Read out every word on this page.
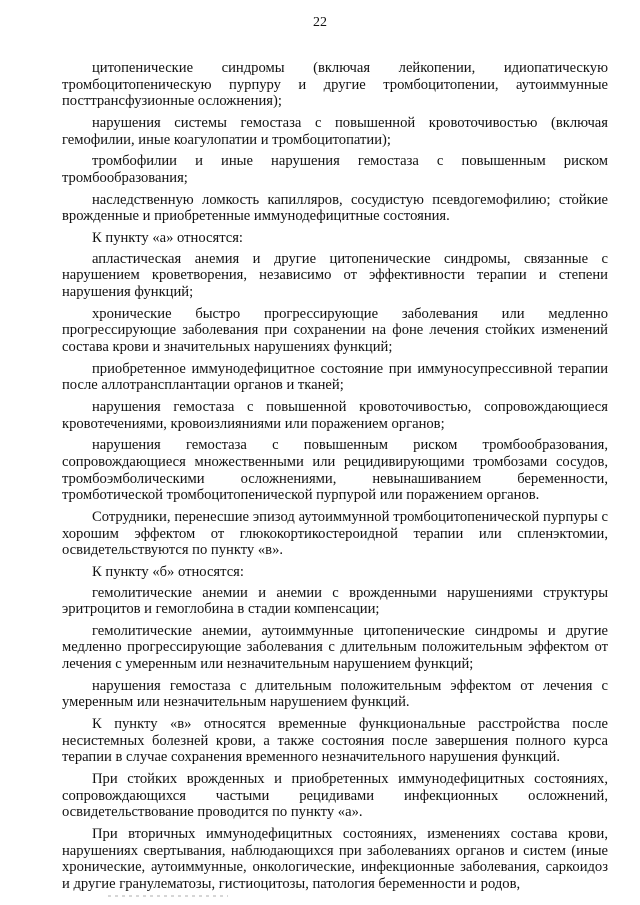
22

цитопенические синдромы (включая лейкопении, идиопатическую тромбоцитопеническую пурпуру и другие тромбоцитопении, аутоиммунные посттрансфузионные осложнения);

нарушения системы гемостаза с повышенной кровоточивостью (включая гемофилии, иные коагулопатии и тромбоцитопатии);

тромбофилии и иные нарушения гемостаза с повышенным риском тромбообразования;

наследственную ломкость капилляров, сосудистую псевдогемофилию; стойкие врожденные и приобретенные иммунодефицитные состояния.

К пункту «а» относятся:

апластическая анемия и другие цитопенические синдромы, связанные с нарушением кроветворения, независимо от эффективности терапии и степени нарушения функций;

хронические быстро прогрессирующие заболевания или медленно прогрессирующие заболевания при сохранении на фоне лечения стойких изменений состава крови и значительных нарушениях функций;

приобретенное иммунодефицитное состояние при иммуносупрессивной терапии после аллотрансплантации органов и тканей;

нарушения гемостаза с повышенной кровоточивостью, сопровождающиеся кровотечениями, кровоизлияниями или поражением органов;

нарушения гемостаза с повышенным риском тромбообразования, сопровождающиеся множественными или рецидивирующими тромбозами сосудов, тромбоэмболическими осложнениями, невынашиванием беременности, тромботической тромбоцитопенической пурпурой или поражением органов.

Сотрудники, перенесшие эпизод аутоиммунной тромбоцитопенической пурпуры с хорошим эффектом от глюкокортикостероидной терапии или спленэктомии, освидетельствуются по пункту «в».

К пункту «б» относятся:

гемолитические анемии и анемии с врожденными нарушениями структуры эритроцитов и гемоглобина в стадии компенсации;

гемолитические анемии, аутоиммунные цитопенические синдромы и другие медленно прогрессирующие заболевания с длительным положительным эффектом от лечения с умеренным или незначительным нарушением функций;

нарушения гемостаза с длительным положительным эффектом от лечения с умеренным или незначительным нарушением функций.

К пункту «в» относятся временные функциональные расстройства после несистемных болезней крови, а также состояния после завершения полного курса терапии в случае сохранения временного незначительного нарушения функций.

При стойких врожденных и приобретенных иммунодефицитных состояниях, сопровождающихся частыми рецидивами инфекционных осложнений, освидетельствование проводится по пункту «а».

При вторичных иммунодефицитных состояниях, изменениях состава крови, нарушениях свертывания, наблюдающихся при заболеваниях органов и систем (иные хронические, аутоиммунные, онкологические, инфекционные заболевания, саркоидоз и другие гранулематозы, гистиоцитозы, патология беременности и родов,
